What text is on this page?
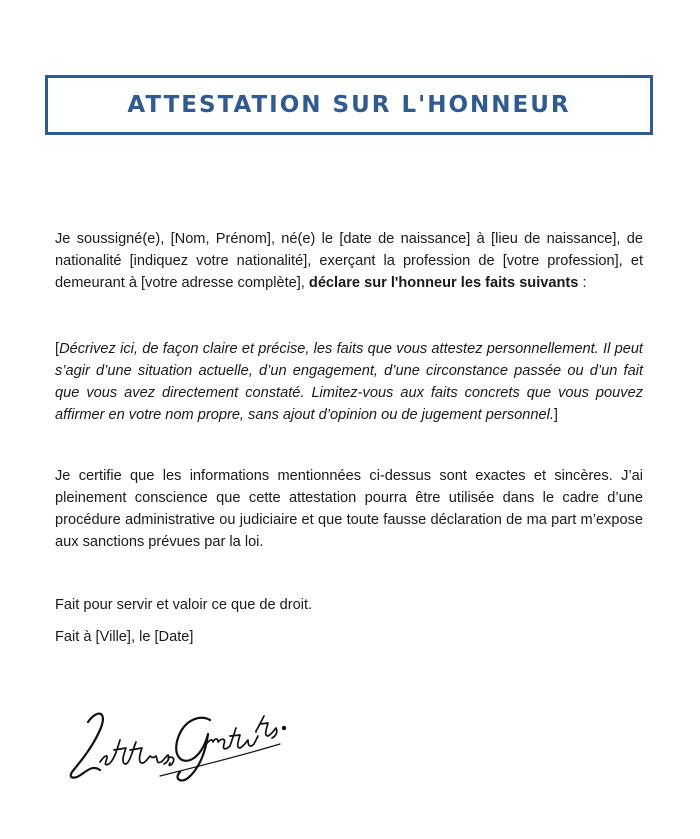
ATTESTATION SUR L'HONNEUR
Je soussigné(e), [Nom, Prénom], né(e) le [date de naissance] à [lieu de naissance], de nationalité [indiquez votre nationalité], exerçant la profession de [votre profession], et demeurant à [votre adresse complète], déclare sur l'honneur les faits suivants :
[Décrivez ici, de façon claire et précise, les faits que vous attestez personnellement. Il peut s’agir d’une situation actuelle, d’un engagement, d’une circonstance passée ou d’un fait que vous avez directement constaté. Limitez-vous aux faits concrets que vous pouvez affirmer en votre nom propre, sans ajout d’opinion ou de jugement personnel.]
Je certifie que les informations mentionnées ci-dessus sont exactes et sincères. J’ai pleinement conscience que cette attestation pourra être utilisée dans le cadre d’une procédure administrative ou judiciaire et que toute fausse déclaration de ma part m’expose aux sanctions prévues par la loi.
Fait pour servir et valoir ce que de droit.
Fait à [Ville], le [Date]
